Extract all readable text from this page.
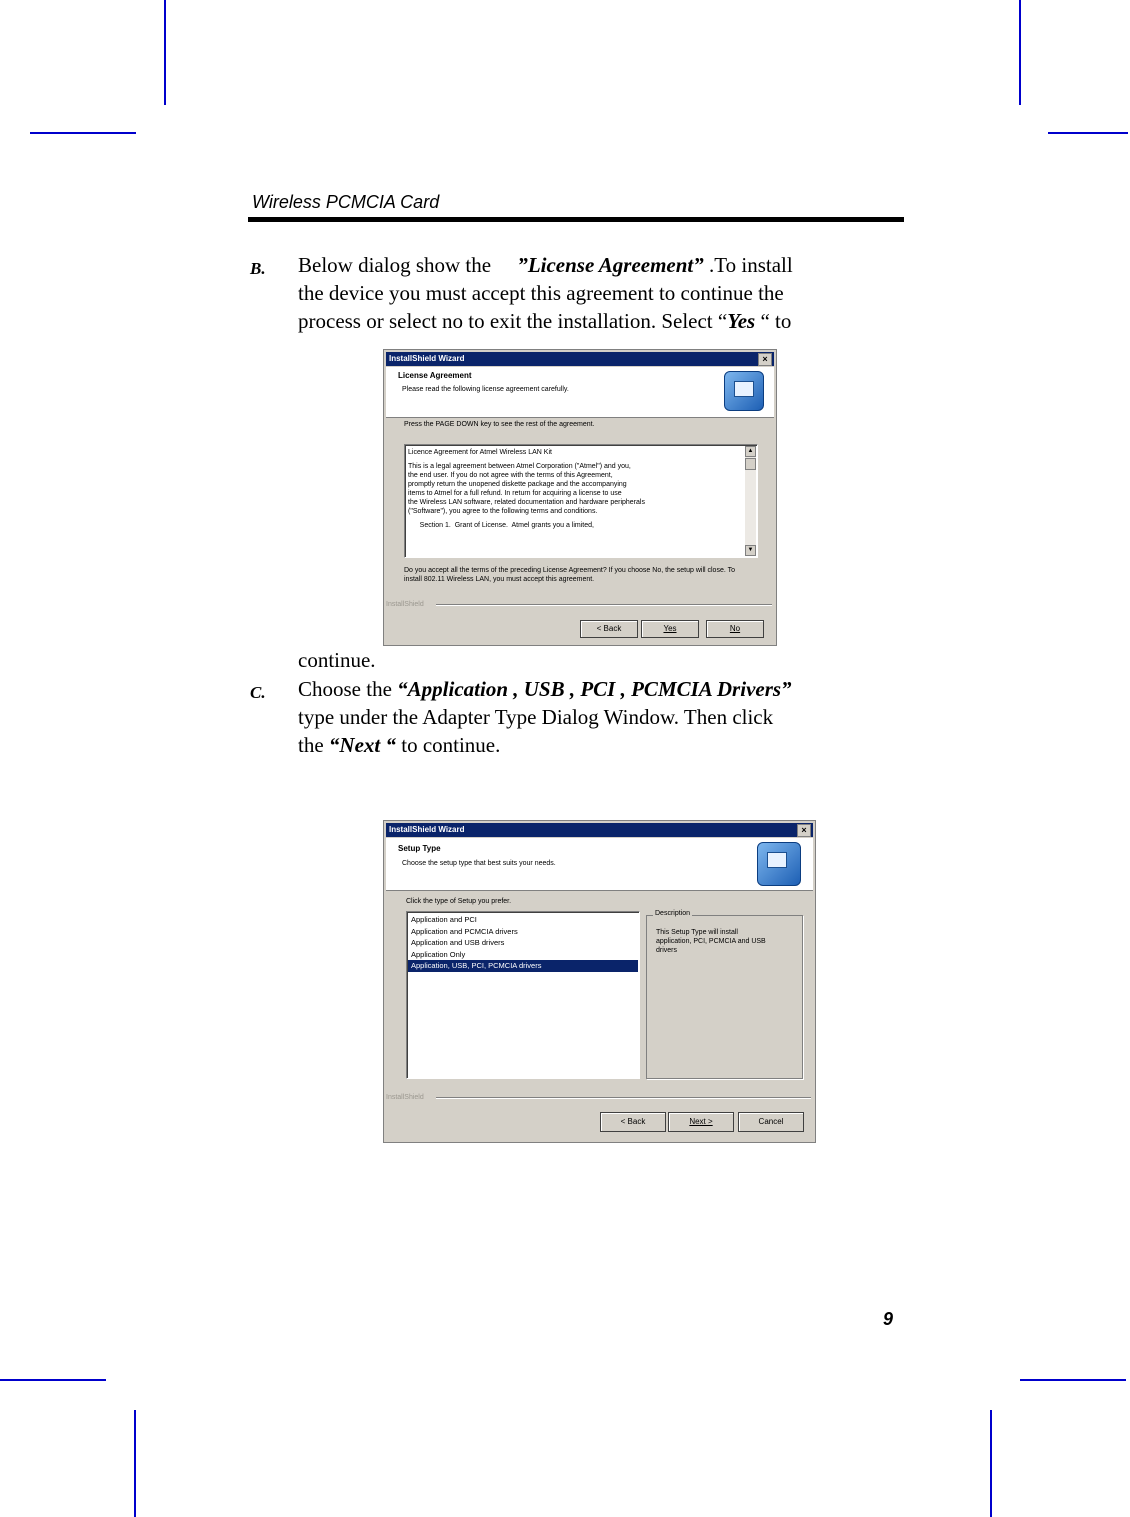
Wireless PCMCIA Card
B. Below dialog show the ”License Agreement” .To install
the device you must accept this agreement to continue the
process or select no to exit the installation. Select “Yes “ to
InstallShield Wizard	×
License Agreement
Please read the following license agreement carefully.
Press the PAGE DOWN key to see the rest of the agreement.
Licence Agreement for Atmel Wireless LAN Kit
This is a legal agreement between Atmel Corporation ("Atmel") and you,
the end user. If you do not agree with the terms of this Agreement,
promptly return the unopened diskette package and the accompanying
items to Atmel for a full refund. In return for acquiring a license to use
the Wireless LAN software, related documentation and hardware peripherals
("Software"), you agree to the following terms and conditions.
Section 1.  Grant of License.  Atmel grants you a limited,
▲
▼
Do you accept all the terms of the preceding License Agreement? If you choose No, the setup will close. To install 802.11 Wireless LAN, you must accept this agreement.
InstallShield
< Back	Yes	No
continue.
C. Choose the “Application , USB , PCI , PCMCIA Drivers”
type under the Adapter Type Dialog Window. Then click
the “Next “ to continue.
InstallShield Wizard	×
Setup Type
Choose the setup type that best suits your needs.
Click the type of Setup you prefer.
Application and PCI
Application and PCMCIA drivers
Application and USB drivers
Application Only
Application, USB, PCI, PCMCIA drivers
Description
This Setup Type will install application, PCI, PCMCIA and USB drivers
InstallShield
< Back	Next >	Cancel
9
